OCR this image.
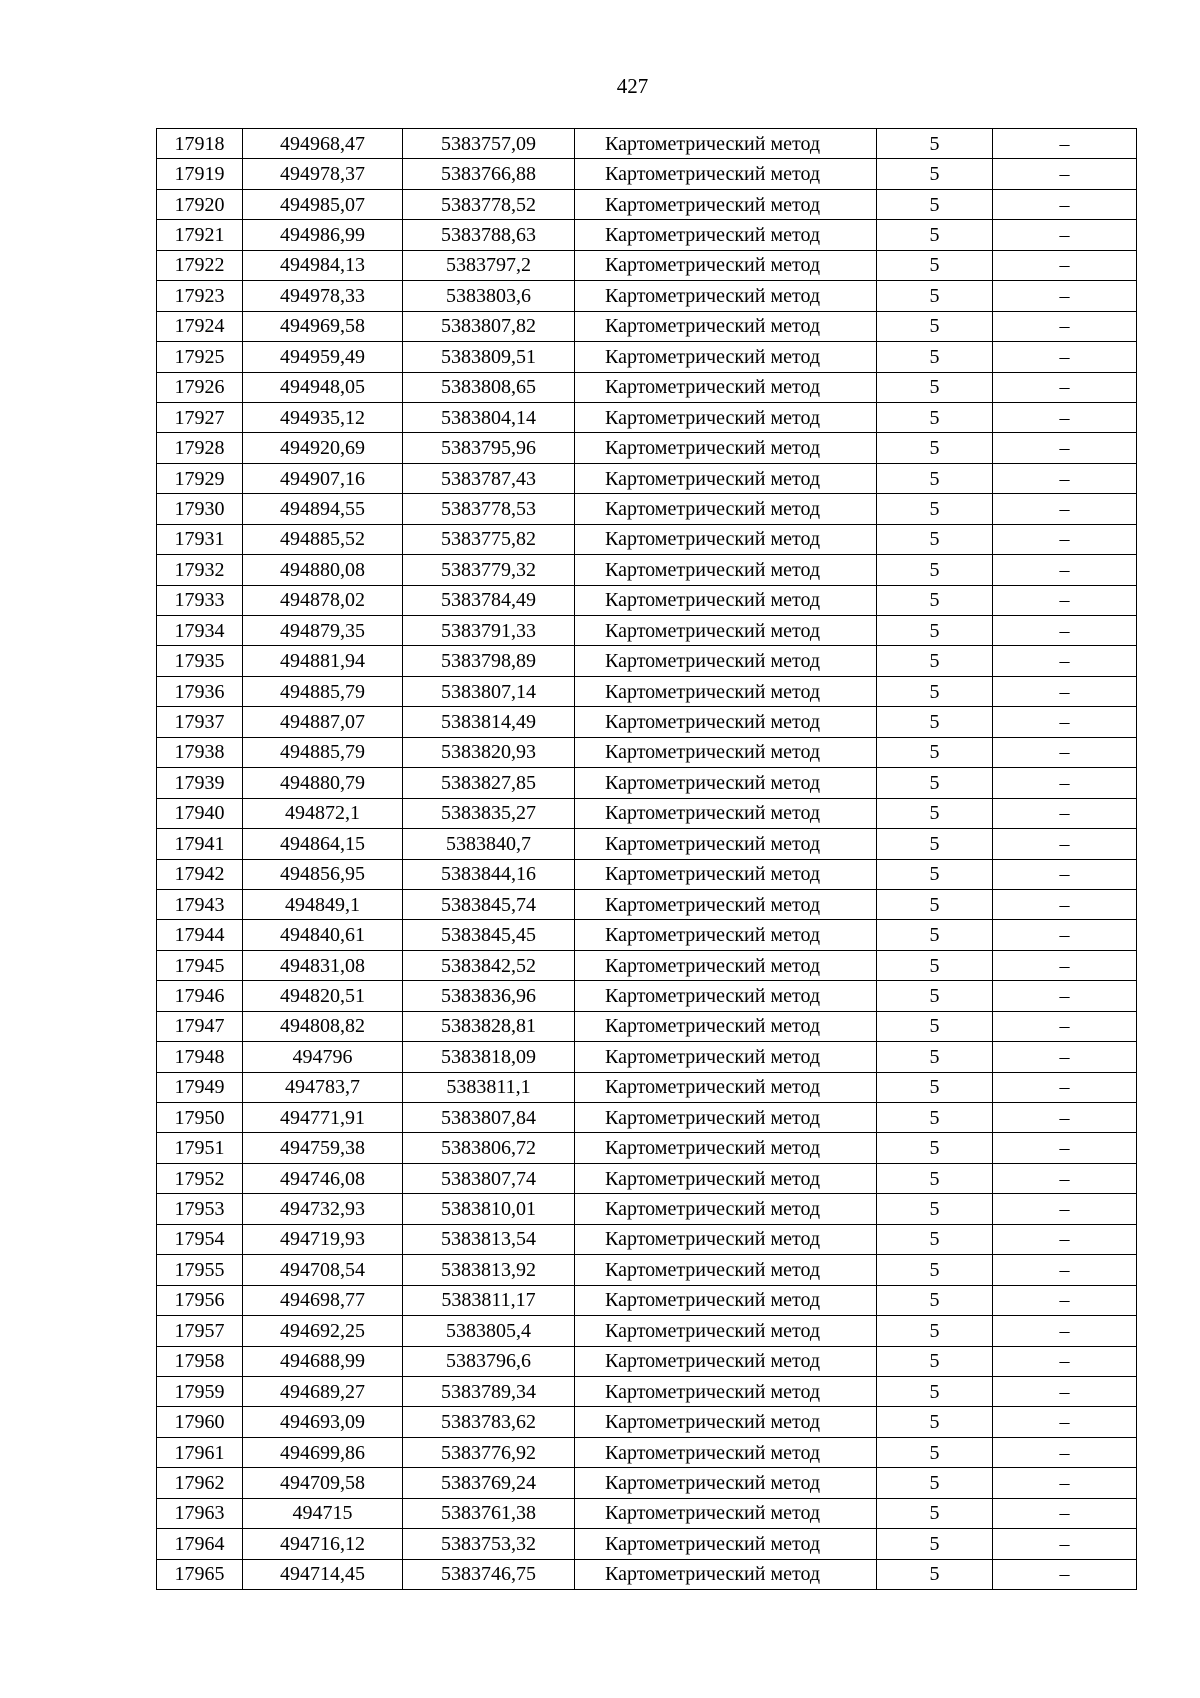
427
17918	494968,47	5383757,09	Картометрический метод	5	–
17919	494978,37	5383766,88	Картометрический метод	5	–
17920	494985,07	5383778,52	Картометрический метод	5	–
17921	494986,99	5383788,63	Картометрический метод	5	–
17922	494984,13	5383797,2	Картометрический метод	5	–
17923	494978,33	5383803,6	Картометрический метод	5	–
17924	494969,58	5383807,82	Картометрический метод	5	–
17925	494959,49	5383809,51	Картометрический метод	5	–
17926	494948,05	5383808,65	Картометрический метод	5	–
17927	494935,12	5383804,14	Картометрический метод	5	–
17928	494920,69	5383795,96	Картометрический метод	5	–
17929	494907,16	5383787,43	Картометрический метод	5	–
17930	494894,55	5383778,53	Картометрический метод	5	–
17931	494885,52	5383775,82	Картометрический метод	5	–
17932	494880,08	5383779,32	Картометрический метод	5	–
17933	494878,02	5383784,49	Картометрический метод	5	–
17934	494879,35	5383791,33	Картометрический метод	5	–
17935	494881,94	5383798,89	Картометрический метод	5	–
17936	494885,79	5383807,14	Картометрический метод	5	–
17937	494887,07	5383814,49	Картометрический метод	5	–
17938	494885,79	5383820,93	Картометрический метод	5	–
17939	494880,79	5383827,85	Картометрический метод	5	–
17940	494872,1	5383835,27	Картометрический метод	5	–
17941	494864,15	5383840,7	Картометрический метод	5	–
17942	494856,95	5383844,16	Картометрический метод	5	–
17943	494849,1	5383845,74	Картометрический метод	5	–
17944	494840,61	5383845,45	Картометрический метод	5	–
17945	494831,08	5383842,52	Картометрический метод	5	–
17946	494820,51	5383836,96	Картометрический метод	5	–
17947	494808,82	5383828,81	Картометрический метод	5	–
17948	494796	5383818,09	Картометрический метод	5	–
17949	494783,7	5383811,1	Картометрический метод	5	–
17950	494771,91	5383807,84	Картометрический метод	5	–
17951	494759,38	5383806,72	Картометрический метод	5	–
17952	494746,08	5383807,74	Картометрический метод	5	–
17953	494732,93	5383810,01	Картометрический метод	5	–
17954	494719,93	5383813,54	Картометрический метод	5	–
17955	494708,54	5383813,92	Картометрический метод	5	–
17956	494698,77	5383811,17	Картометрический метод	5	–
17957	494692,25	5383805,4	Картометрический метод	5	–
17958	494688,99	5383796,6	Картометрический метод	5	–
17959	494689,27	5383789,34	Картометрический метод	5	–
17960	494693,09	5383783,62	Картометрический метод	5	–
17961	494699,86	5383776,92	Картометрический метод	5	–
17962	494709,58	5383769,24	Картометрический метод	5	–
17963	494715	5383761,38	Картометрический метод	5	–
17964	494716,12	5383753,32	Картометрический метод	5	–
17965	494714,45	5383746,75	Картометрический метод	5	–
